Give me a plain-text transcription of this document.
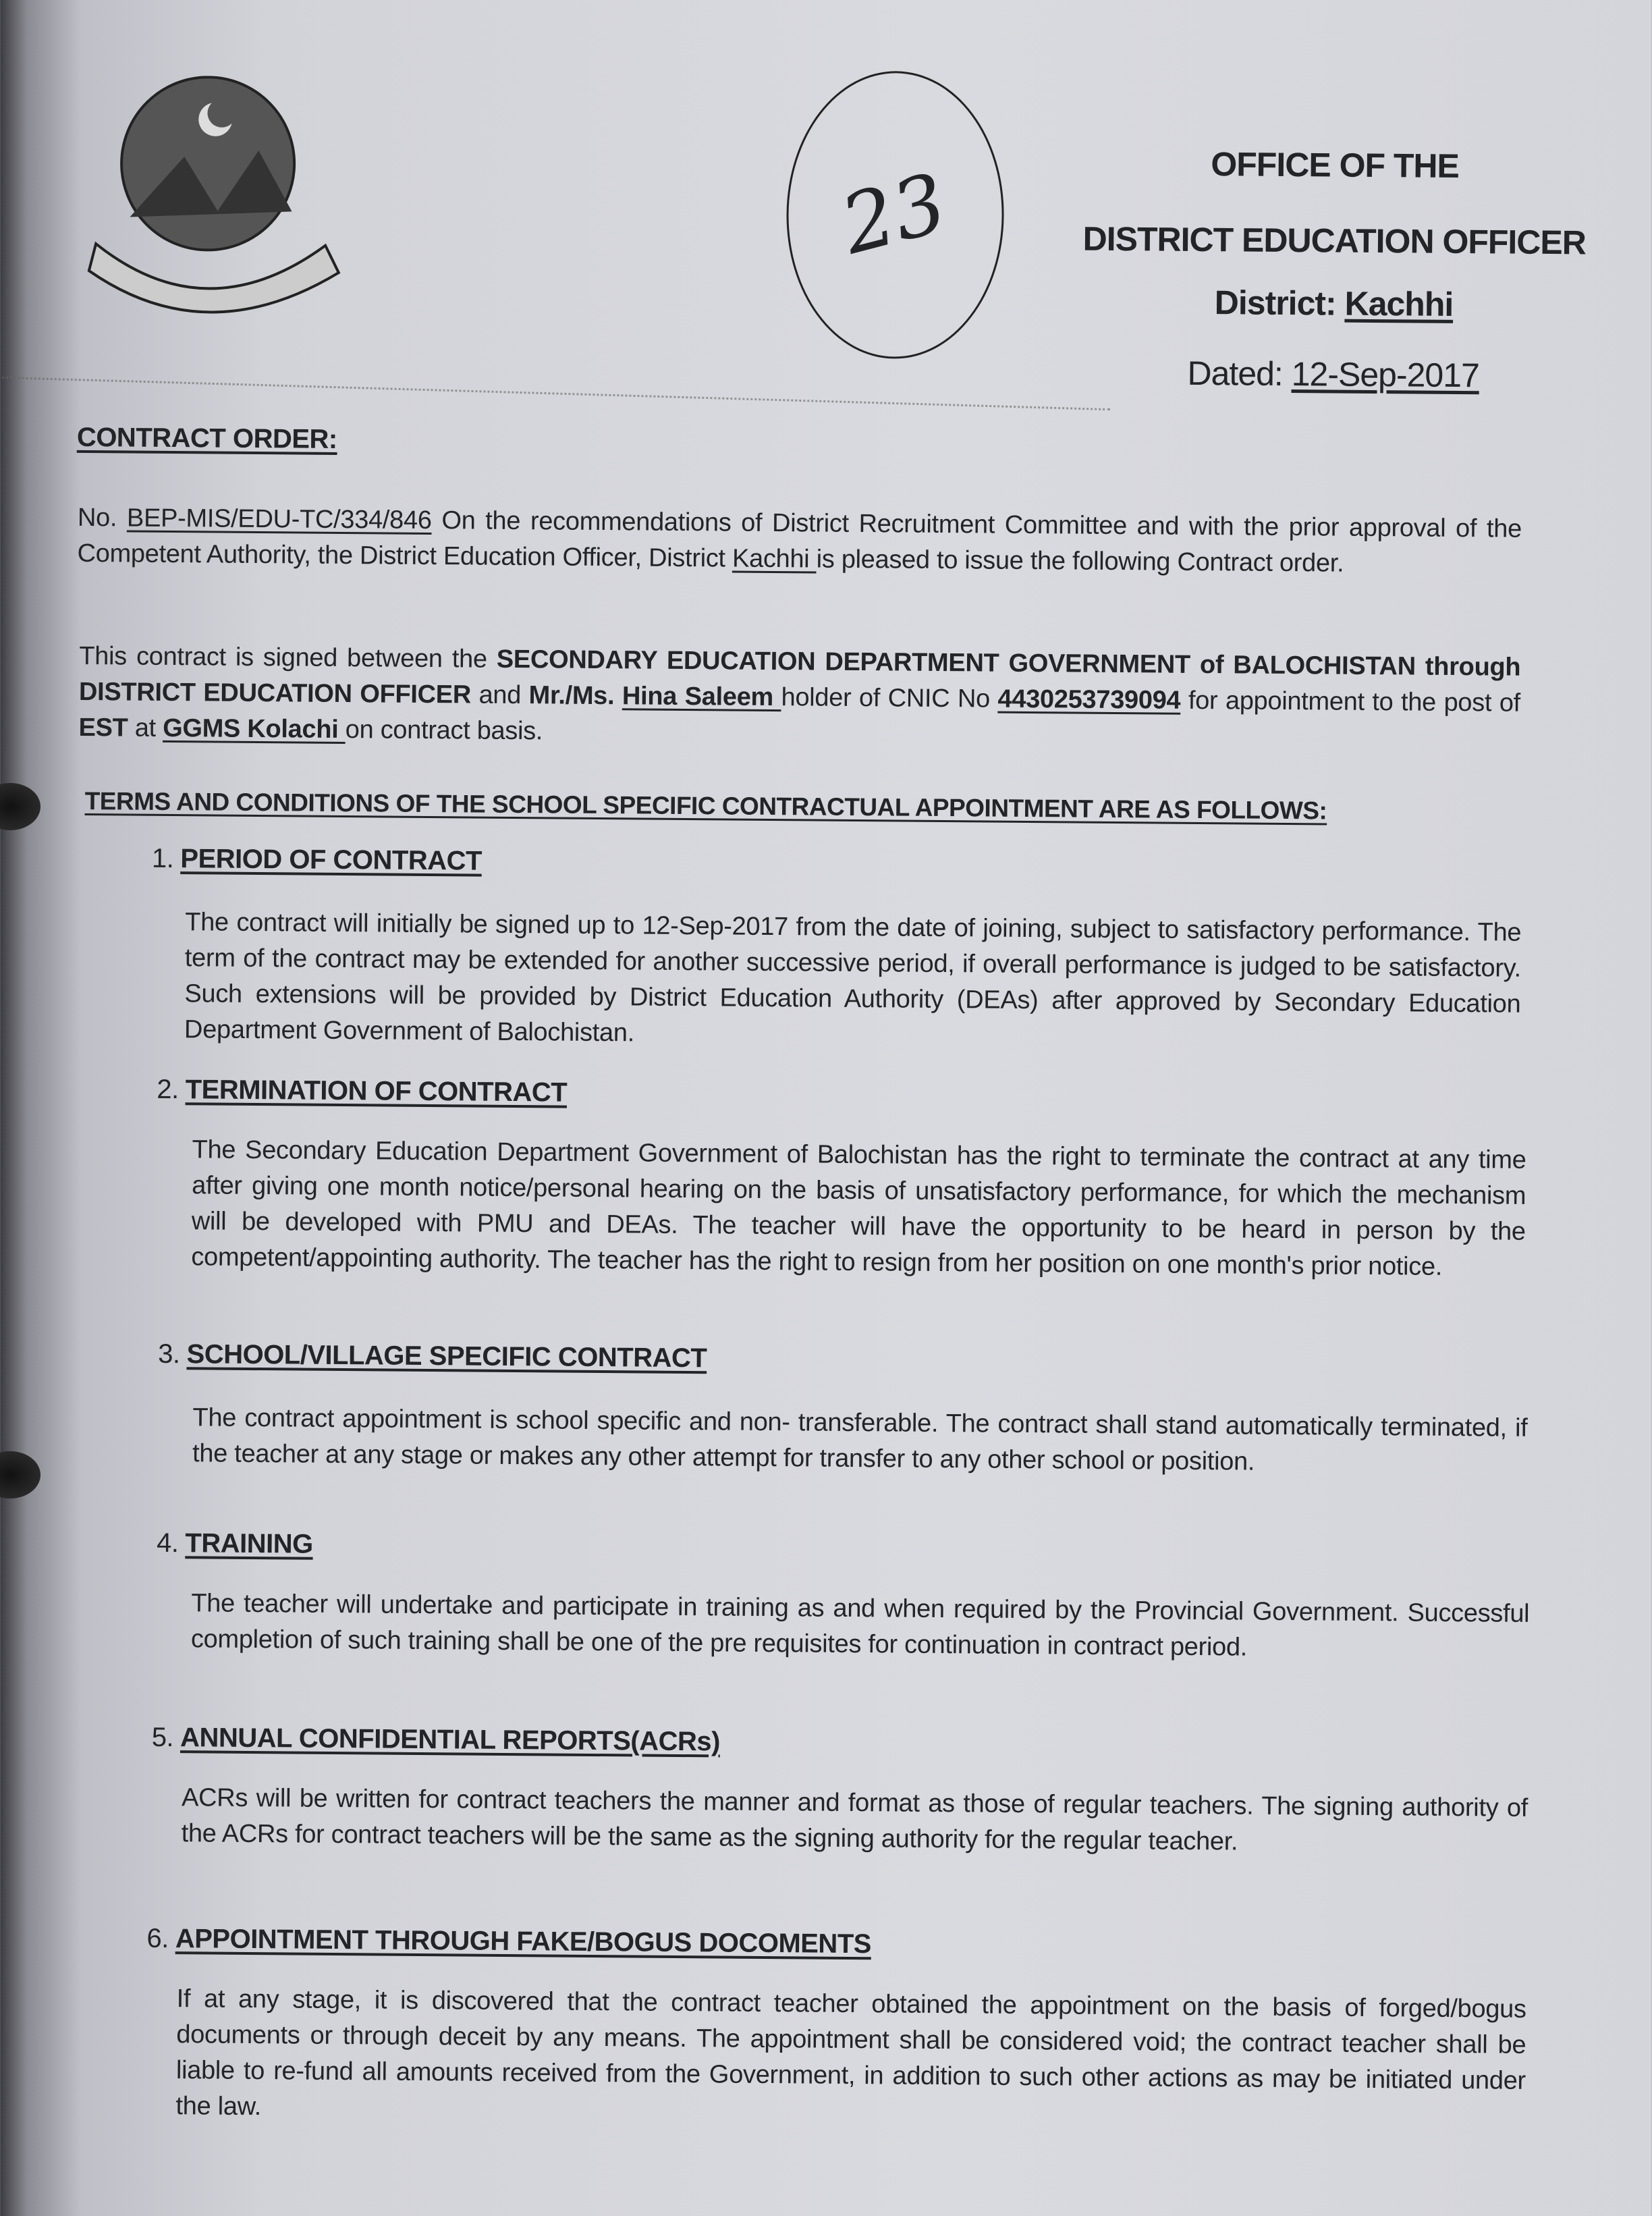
23	OFFICE OF THE
DISTRICT EDUCATION OFFICER
District: Kachhi
Dated: 12-Sep-2017
CONTRACT ORDER:
No. BEP-MIS/EDU-TC/334/846 On the recommendations of District Recruitment Committee and with the prior approval of the Competent Authority, the District Education Officer, District Kachhi is pleased to issue the following Contract order.
This contract is signed between the SECONDARY EDUCATION DEPARTMENT GOVERNMENT of BALOCHISTAN through DISTRICT EDUCATION OFFICER and Mr./Ms. Hina Saleem holder of CNIC No 4430253739094 for appointment to the post of EST at GGMS Kolachi on contract basis.
TERMS AND CONDITIONS OF THE SCHOOL SPECIFIC CONTRACTUAL APPOINTMENT ARE AS FOLLOWS:
1. PERIOD OF CONTRACT
The contract will initially be signed up to 12-Sep-2017 from the date of joining, subject to satisfactory performance. The term of the contract may be extended for another successive period, if overall performance is judged to be satisfactory. Such extensions will be provided by District Education Authority (DEAs) after approved by Secondary Education Department Government of Balochistan.
2. TERMINATION OF CONTRACT
The Secondary Education Department Government of Balochistan has the right to terminate the contract at any time after giving one month notice/personal hearing on the basis of unsatisfactory performance, for which the mechanism will be developed with PMU and DEAs. The teacher will have the opportunity to be heard in person by the competent/appointing authority. The teacher has the right to resign from her position on one month's prior notice.
3. SCHOOL/VILLAGE SPECIFIC CONTRACT
The contract appointment is school specific and non- transferable. The contract shall stand automatically terminated, if the teacher at any stage or makes any other attempt for transfer to any other school or position.
4. TRAINING
The teacher will undertake and participate in training as and when required by the Provincial Government. Successful completion of such training shall be one of the pre requisites for continuation in contract period.
5. ANNUAL CONFIDENTIAL REPORTS(ACRs)
ACRs will be written for contract teachers the manner and format as those of regular teachers. The signing authority of the ACRs for contract teachers will be the same as the signing authority for the regular teacher.
6. APPOINTMENT THROUGH FAKE/BOGUS DOCOMENTS
If at any stage, it is discovered that the contract teacher obtained the appointment on the basis of forged/bogus documents or through deceit by any means. The appointment shall be considered void; the contract teacher shall be liable to re-fund all amounts received from the Government, in addition to such other actions as may be initiated under the law.
